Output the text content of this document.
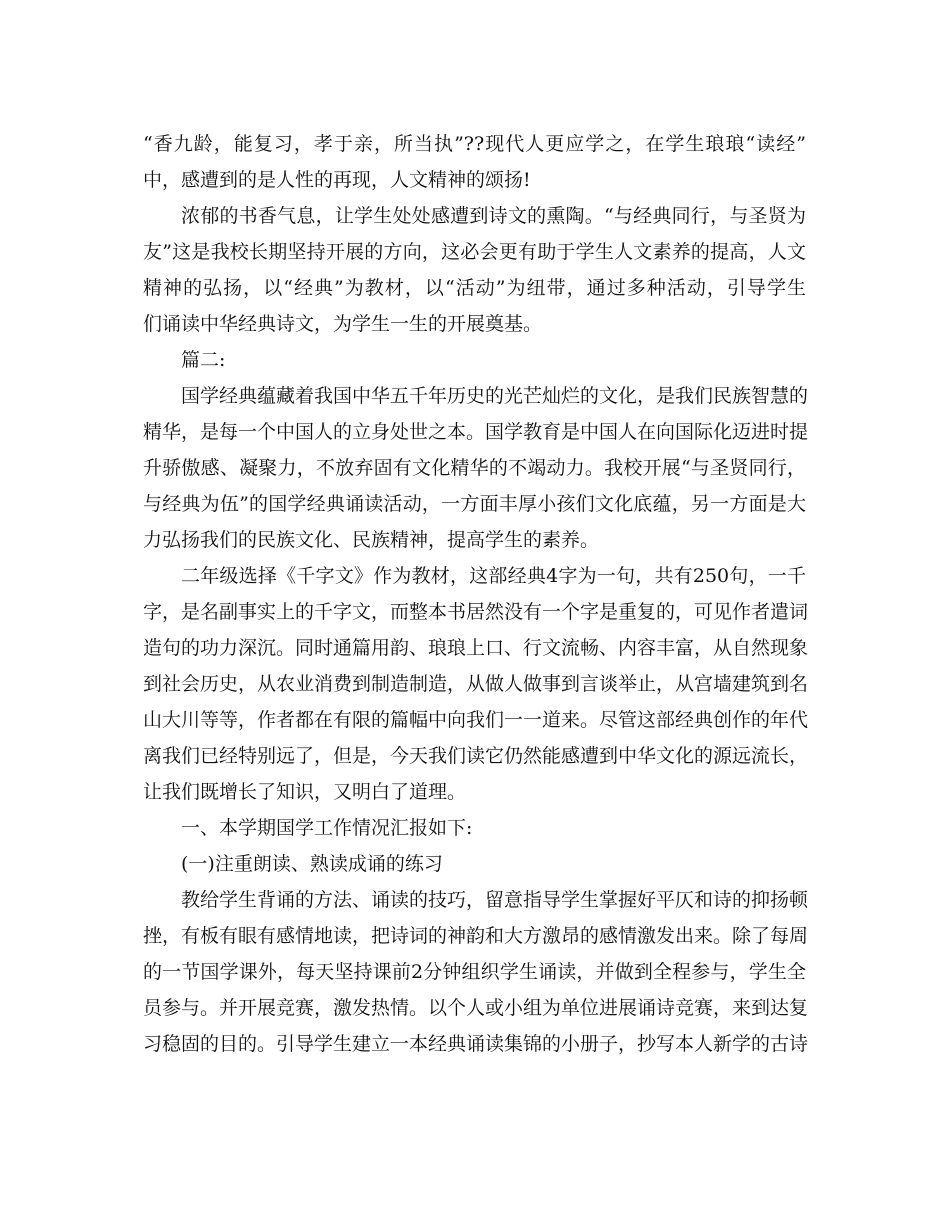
“香九龄，能复习，孝于亲，所当执”??现代人更应学之，在学生琅琅“读经”
中，感遭到的是人性的再现，人文精神的颂扬!
浓郁的书香气息，让学生处处感遭到诗文的熏陶。“与经典同行，与圣贤为
友”这是我校长期坚持开展的方向，这必会更有助于学生人文素养的提高，人文
精神的弘扬，以“经典”为教材，以“活动”为纽带，通过多种活动，引导学生
们诵读中华经典诗文，为学生一生的开展奠基。
篇二:
国学经典蕴藏着我国中华五千年历史的光芒灿烂的文化，是我们民族智慧的
精华，是每一个中国人的立身处世之本。国学教育是中国人在向国际化迈进时提
升骄傲感、凝聚力，不放弃固有文化精华的不竭动力。我校开展“与圣贤同行，
与经典为伍”的国学经典诵读活动，一方面丰厚小孩们文化底蕴，另一方面是大
力弘扬我们的民族文化、民族精神，提高学生的素养。
二年级选择《千字文》作为教材，这部经典4字为一句，共有250句，一千
字，是名副事实上的千字文，而整本书居然没有一个字是重复的，可见作者遣词
造句的功力深沉。同时通篇用韵、琅琅上口、行文流畅、内容丰富，从自然现象
到社会历史，从农业消费到制造制造，从做人做事到言谈举止，从宫墙建筑到名
山大川等等，作者都在有限的篇幅中向我们一一道来。尽管这部经典创作的年代
离我们已经特别远了，但是，今天我们读它仍然能感遭到中华文化的源远流长，
让我们既增长了知识，又明白了道理。
一、本学期国学工作情况汇报如下:
(一)注重朗读、熟读成诵的练习
教给学生背诵的方法、诵读的技巧，留意指导学生掌握好平仄和诗的抑扬顿
挫，有板有眼有感情地读，把诗词的神韵和大方激昂的感情激发出来。除了每周
的一节国学课外，每天坚持课前2分钟组织学生诵读，并做到全程参与，学生全
员参与。并开展竞赛，激发热情。以个人或小组为单位进展诵诗竞赛，来到达复
习稳固的目的。引导学生建立一本经典诵读集锦的小册子，抄写本人新学的古诗
